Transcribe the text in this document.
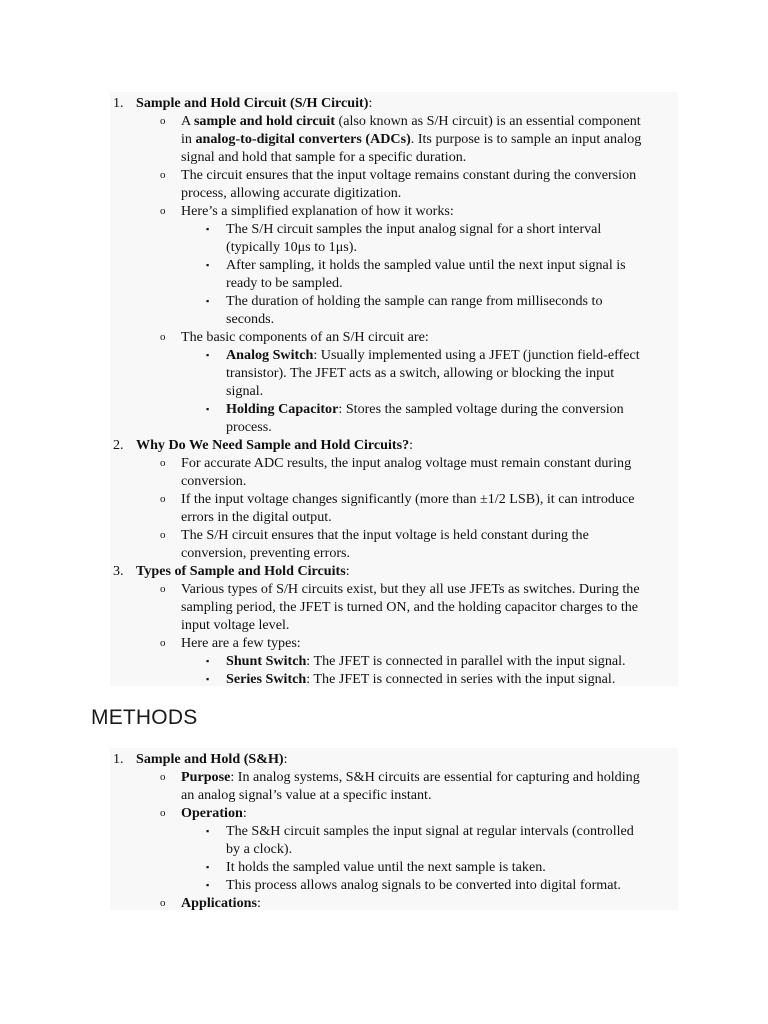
1. Sample and Hold Circuit (S/H Circuit):
o A sample and hold circuit (also known as S/H circuit) is an essential component
in analog-to-digital converters (ADCs). Its purpose is to sample an input analog
signal and hold that sample for a specific duration.
o The circuit ensures that the input voltage remains constant during the conversion
process, allowing accurate digitization.
o Here’s a simplified explanation of how it works:
▪ The S/H circuit samples the input analog signal for a short interval
(typically 10μs to 1μs).
▪ After sampling, it holds the sampled value until the next input signal is
ready to be sampled.
▪ The duration of holding the sample can range from milliseconds to
seconds.
o The basic components of an S/H circuit are:
▪ Analog Switch: Usually implemented using a JFET (junction field-effect
transistor). The JFET acts as a switch, allowing or blocking the input
signal.
▪ Holding Capacitor: Stores the sampled voltage during the conversion
process.
2. Why Do We Need Sample and Hold Circuits?:
o For accurate ADC results, the input analog voltage must remain constant during
conversion.
o If the input voltage changes significantly (more than ±1/2 LSB), it can introduce
errors in the digital output.
o The S/H circuit ensures that the input voltage is held constant during the
conversion, preventing errors.
3. Types of Sample and Hold Circuits:
o Various types of S/H circuits exist, but they all use JFETs as switches. During the
sampling period, the JFET is turned ON, and the holding capacitor charges to the
input voltage level.
o Here are a few types:
▪ Shunt Switch: The JFET is connected in parallel with the input signal.
▪ Series Switch: The JFET is connected in series with the input signal.
METHODS
1. Sample and Hold (S&H):
o Purpose: In analog systems, S&H circuits are essential for capturing and holding
an analog signal’s value at a specific instant.
o Operation:
▪ The S&H circuit samples the input signal at regular intervals (controlled
by a clock).
▪ It holds the sampled value until the next sample is taken.
▪ This process allows analog signals to be converted into digital format.
o Applications:
